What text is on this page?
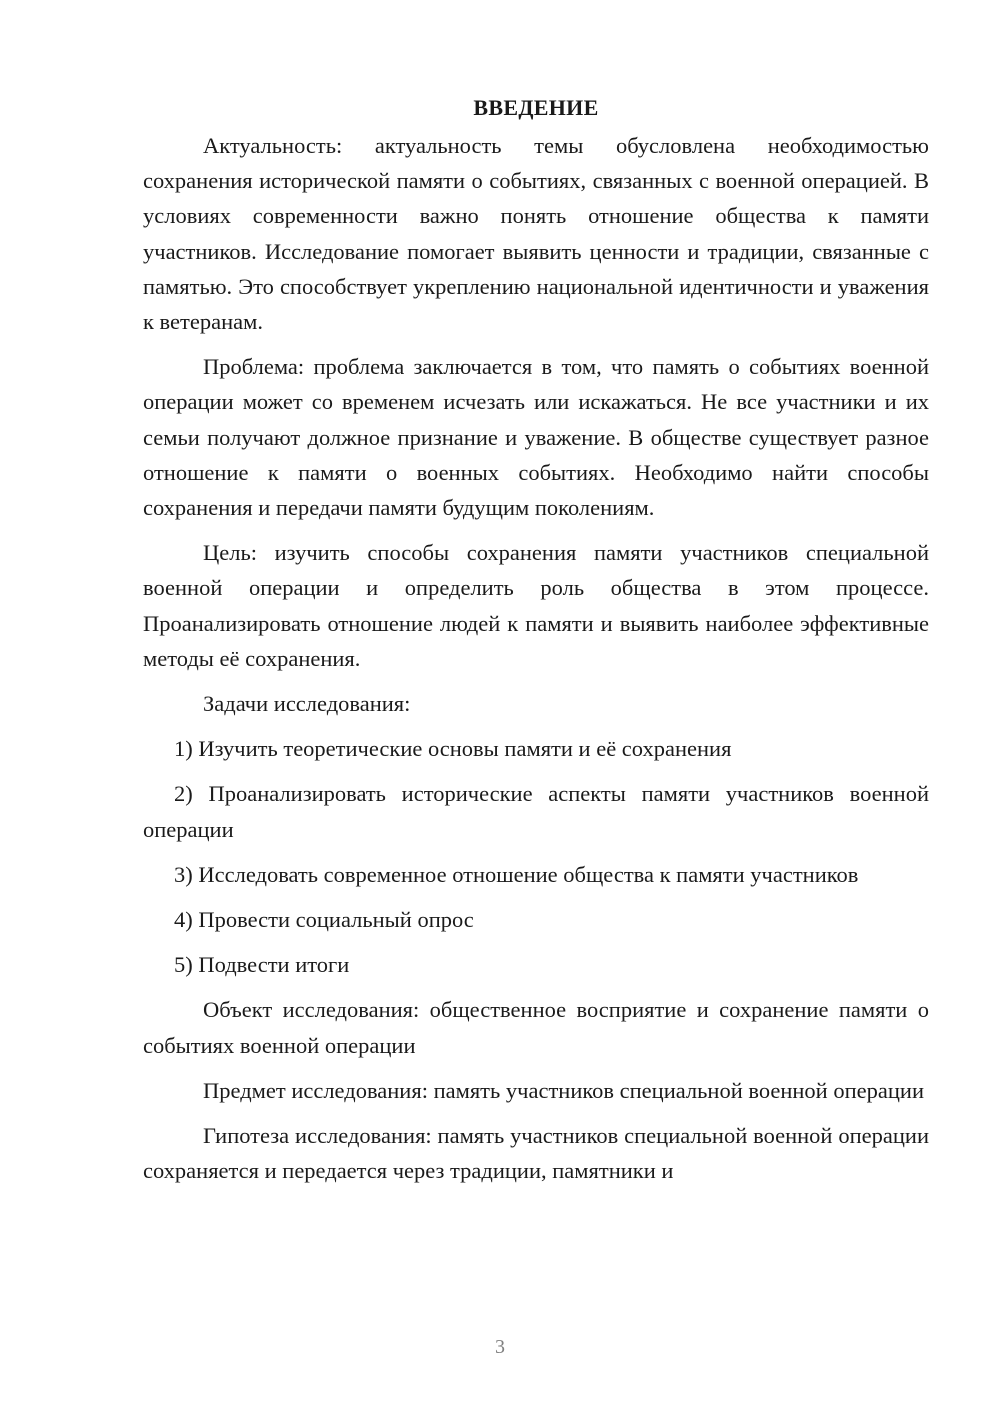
ВВЕДЕНИЕ

Актуальность: актуальность темы обусловлена необходимостью сохранения исторической памяти о событиях, связанных с военной операцией. В условиях современности важно понять отношение общества к памяти участников. Исследование помогает выявить ценности и традиции, связанные с памятью. Это способствует укреплению национальной идентичности и уважения к ветеранам.

Проблема: проблема заключается в том, что память о событиях военной операции может со временем исчезать или искажаться. Не все участники и их семьи получают должное признание и уважение. В обществе существует разное отношение к памяти о военных событиях. Необходимо найти способы сохранения и передачи памяти будущим поколениям.

Цель: изучить способы сохранения памяти участников специальной военной операции и определить роль общества в этом процессе. Проанализировать отношение людей к памяти и выявить наиболее эффективные методы её сохранения.

Задачи исследования:

1) Изучить теоретические основы памяти и её сохранения

2) Проанализировать исторические аспекты памяти участников военной операции

3) Исследовать современное отношение общества к памяти участников

4) Провести социальный опрос

5) Подвести итоги

Объект исследования: общественное восприятие и сохранение памяти о событиях военной операции

Предмет исследования: память участников специальной военной операции

Гипотеза исследования: память участников специальной военной операции сохраняется и передается через традиции, памятники и

3
